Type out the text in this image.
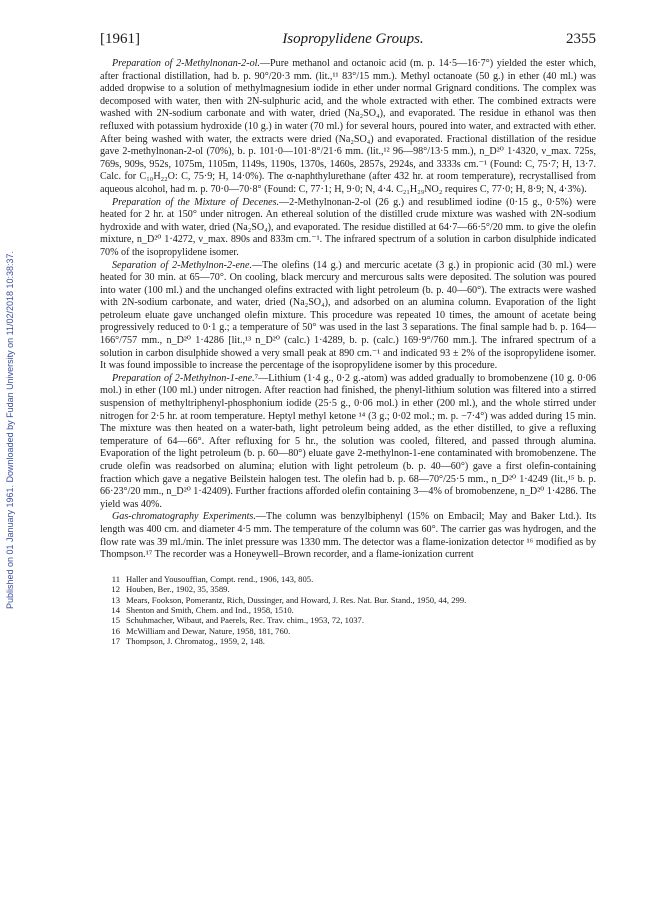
Published on 01 January 1961. Downloaded by Fudan University on 11/02/2018 10:38:37.
[1961]	Isopropylidene Groups.	2355

Preparation of 2-Methylnonan-2-ol.—Pure methanol and octanoic acid (m. p. 14·5—16·7°) yielded the ester which, after fractional distillation, had b. p. 90°/20·3 mm. (lit.,¹¹ 83°/15 mm.). Methyl octanoate (50 g.) in ether (40 ml.) was added dropwise to a solution of methylmagnesium iodide in ether under normal Grignard conditions. The complex was decomposed with water, then with 2N-sulphuric acid, and the whole extracted with ether. The combined extracts were washed with 2N-sodium carbonate and with water, dried (Na₂SO₄), and evaporated. The residue in ethanol was then refluxed with potassium hydroxide (10 g.) in water (70 ml.) for several hours, poured into water, and extracted with ether. After being washed with water, the extracts were dried (Na₂SO₄) and evaporated. Fractional distillation of the residue gave 2-methylnonan-2-ol (70%), b. p. 101·0—101·8°/21·6 mm. (lit.,¹² 96—98°/13·5 mm.), n_D²⁰ 1·4320, ν_max. 725s, 769s, 909s, 952s, 1075m, 1105m, 1149s, 1190s, 1370s, 1460s, 2857s, 2924s, and 3333s cm.⁻¹ (Found: C, 75·7; H, 13·7. Calc. for C₁₀H₂₂O: C, 75·9; H, 14·0%). The α-naphthylurethane (after 432 hr. at room temperature), recrystallised from aqueous alcohol, had m. p. 70·0—70·8° (Found: C, 77·1; H, 9·0; N, 4·4. C₂₁H₂₉NO₂ requires C, 77·0; H, 8·9; N, 4·3%).

Preparation of the Mixture of Decenes.—2-Methylnonan-2-ol (26 g.) and resublimed iodine (0·15 g., 0·5%) were heated for 2 hr. at 150° under nitrogen. An ethereal solution of the distilled crude mixture was washed with 2N-sodium hydroxide and with water, dried (Na₂SO₄), and evaporated. The residue distilled at 64·7—66·5°/20 mm. to give the olefin mixture, n_D²⁰ 1·4272, ν_max. 890s and 833m cm.⁻¹. The infrared spectrum of a solution in carbon disulphide indicated 70% of the isopropylidene isomer.

Separation of 2-Methylnon-2-ene.—The olefins (14 g.) and mercuric acetate (3 g.) in propionic acid (30 ml.) were heated for 30 min. at 65—70°. On cooling, black mercury and mercurous salts were deposited. The solution was poured into water (100 ml.) and the unchanged olefins extracted with light petroleum (b. p. 40—60°). The extracts were washed with 2N-sodium carbonate, and water, dried (Na₂SO₄), and adsorbed on an alumina column. Evaporation of the light petroleum eluate gave unchanged olefin mixture. This procedure was repeated 10 times, the amount of acetate being progressively reduced to 0·1 g.; a temperature of 50° was used in the last 3 separations. The final sample had b. p. 164—166°/757 mm., n_D²⁰ 1·4286 [lit.,¹³ n_D²⁰ (calc.) 1·4289, b. p. (calc.) 169·9°/760 mm.]. The infrared spectrum of a solution in carbon disulphide showed a very small peak at 890 cm.⁻¹ and indicated 93 ± 2% of the isopropylidene isomer. It was found impossible to increase the percentage of the isopropylidene isomer by this procedure.

Preparation of 2-Methylnon-1-ene.⁷—Lithium (1·4 g., 0·2 g.-atom) was added gradually to bromobenzene (10 g. 0·06 mol.) in ether (100 ml.) under nitrogen. After reaction had finished, the phenyl-lithium solution was filtered into a stirred suspension of methyltriphenyl-phosphonium iodide (25·5 g., 0·06 mol.) in ether (200 ml.), and the whole stirred under nitrogen for 2·5 hr. at room temperature. Heptyl methyl ketone ¹⁴ (3 g.; 0·02 mol.; m. p. −7·4°) was added during 15 min. The mixture was then heated on a water-bath, light petroleum being added, as the ether distilled, to give a refluxing temperature of 64—66°. After refluxing for 5 hr., the solution was cooled, filtered, and passed through alumina. Evaporation of the light petroleum (b. p. 60—80°) eluate gave 2-methylnon-1-ene contaminated with bromobenzene. The crude olefin was readsorbed on alumina; elution with light petroleum (b. p. 40—60°) gave a first olefin-containing fraction which gave a negative Beilstein halogen test. The olefin had b. p. 68—70°/25·5 mm., n_D²⁰ 1·4249 (lit.,¹⁵ b. p. 66·23°/20 mm., n_D²⁰ 1·42409). Further fractions afforded olefin containing 3—4% of bromobenzene, n_D²⁰ 1·4286. The yield was 40%.

Gas-chromatography Experiments.—The column was benzylbiphenyl (15% on Embacil; May and Baker Ltd.). Its length was 400 cm. and diameter 4·5 mm. The temperature of the column was 60°. The carrier gas was hydrogen, and the flow rate was 39 ml./min. The inlet pressure was 1330 mm. The detector was a flame-ionization detector ¹⁶ modified as by Thompson.¹⁷ The recorder was a Honeywell–Brown recorder, and a flame-ionization current

11 Haller and Yousouffian, Compt. rend., 1906, 143, 805.
12 Houben, Ber., 1902, 35, 3589.
13 Mears, Fookson, Pomerantz, Rich, Dussinger, and Howard, J. Res. Nat. Bur. Stand., 1950, 44, 299.
14 Shenton and Smith, Chem. and Ind., 1958, 1510.
15 Schuhmacher, Wibaut, and Paerels, Rec. Trav. chim., 1953, 72, 1037.
16 McWilliam and Dewar, Nature, 1958, 181, 760.
17 Thompson, J. Chromatog., 1959, 2, 148.
